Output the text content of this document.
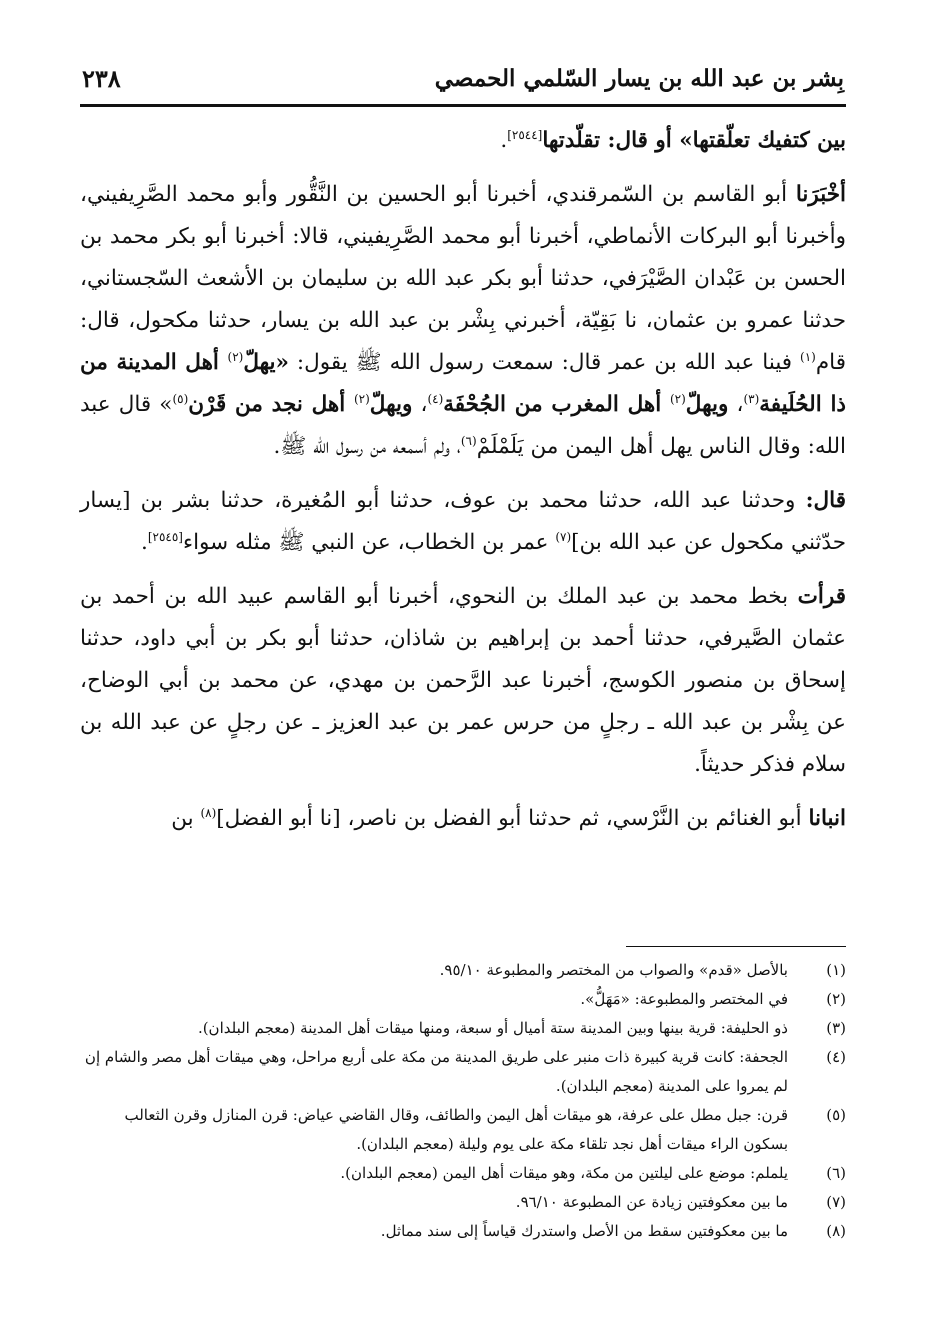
بِشر بن عبد الله بن يسار السّلمي الحمصي
٢٣٨

بين كتفيك تعلّقتها» أو قال: تقلّدتها[٢٥٤٤].

أخْبَرَنا أبو القاسم بن السّمرقندي، أخبرنا أبو الحسين بن النَّقُّور وأبو محمد الصَّرِيفيني، وأخبرنا أبو البركات الأنماطي، أخبرنا أبو محمد الصَّرِيفيني، قالا: أخبرنا أبو بكر محمد بن الحسن بن عَبْدان الصَّيْرَفي، حدثنا أبو بكر عبد الله بن سليمان بن الأشعث السّجستاني، حدثنا عمرو بن عثمان، نا بَقِيّة، أخبرني بِشْر بن عبد الله بن يسار، حدثنا مكحول، قال: قام$^{(١)}$ فينا عبد الله بن عمر قال: سمعت رسول الله ﷺ يقول: «يهلّ$^{(٢)}$ أهل المدينة من ذا الحُلَيفة$^{(٣)}$، ويهلّ$^{(٢)}$ أهل المغرب من الجُحْفَة$^{(٤)}$، ويهلّ$^{(٢)}$ أهل نجد من قَرْن$^{(٥)}$» قال عبد الله: وقال الناس يهل أهل اليمن من يَلَمْلَمْ$^{(٦)}$، ولم أسمعه من رسول الله ﷺ.

قال: وحدثنا عبد الله، حدثنا محمد بن عوف، حدثنا أبو المُغيرة، حدثنا بشر بن [يسار حدّثني مكحول عن عبد الله بن]$^{(٧)}$ عمر بن الخطاب، عن النبي ﷺ مثله سواء[٢٥٤٥].

قرأت بخط محمد بن عبد الملك بن النحوي، أخبرنا أبو القاسم عبيد الله بن أحمد بن عثمان الصَّيرفي، حدثنا أحمد بن إبراهيم بن شاذان، حدثنا أبو بكر بن أبي داود، حدثنا إسحاق بن منصور الكوسج، أخبرنا عبد الرَّحمن بن مهدي، عن محمد بن أبي الوضاح، عن بِشْر بن عبد الله ـ رجلٍ من حرس عمر بن عبد العزيز ـ عن رجلٍ عن عبد الله بن سلام فذكر حديثاً.

انبانا أبو الغنائم بن النَّرْسي، ثم حدثنا أبو الفضل بن ناصر، [نا أبو الفضل]$^{(٨)}$ بن

(١)
بالأصل «قدم» والصواب من المختصر والمطبوعة ٩٥/١٠.
(٢)
في المختصر والمطبوعة: «مَهَلُّ».
(٣)
ذو الحليفة: قرية بينها وبين المدينة ستة أميال أو سبعة، ومنها ميقات أهل المدينة (معجم البلدان).
(٤)
الجحفة: كانت قرية كبيرة ذات منبر على طريق المدينة من مكة على أربع مراحل، وهي ميقات أهل مصر والشام إن لم يمروا على المدينة (معجم البلدان).
(٥)
قرن: جبل مطل على عرفة، هو ميقات أهل اليمن والطائف، وقال القاضي عياض: قرن المنازل وقرن الثعالب بسكون الراء ميقات أهل نجد تلقاء مكة على يوم وليلة (معجم البلدان).
(٦)
يلملم: موضع على ليلتين من مكة، وهو ميقات أهل اليمن (معجم البلدان).
(٧)
ما بين معكوفتين زيادة عن المطبوعة ٩٦/١٠.
(٨)
ما بين معكوفتين سقط من الأصل واستدرك قياساً إلى سند مماثل.
